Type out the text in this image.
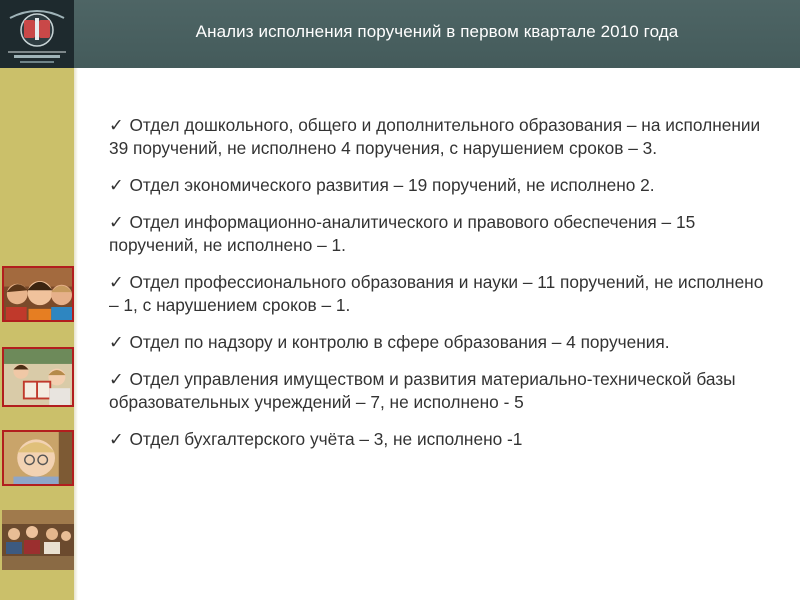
Анализ исполнения поручений в первом квартале 2010 года
✓ Отдел дошкольного, общего и дополнительного образования – на исполнении 39 поручений, не исполнено 4 поручения, с нарушением сроков – 3.
✓ Отдел экономического развития – 19 поручений, не исполнено 2.
✓ Отдел информационно-аналитического и правового обеспечения – 15 поручений, не исполнено – 1.
✓ Отдел профессионального образования и науки – 11 поручений, не исполнено – 1, с нарушением сроков – 1.
✓ Отдел по надзору и контролю в сфере образования – 4 поручения.
✓ Отдел управления имуществом и развития материально-технической базы образовательных учреждений – 7, не исполнено - 5
✓ Отдел бухгалтерского учёта – 3, не исполнено -1
